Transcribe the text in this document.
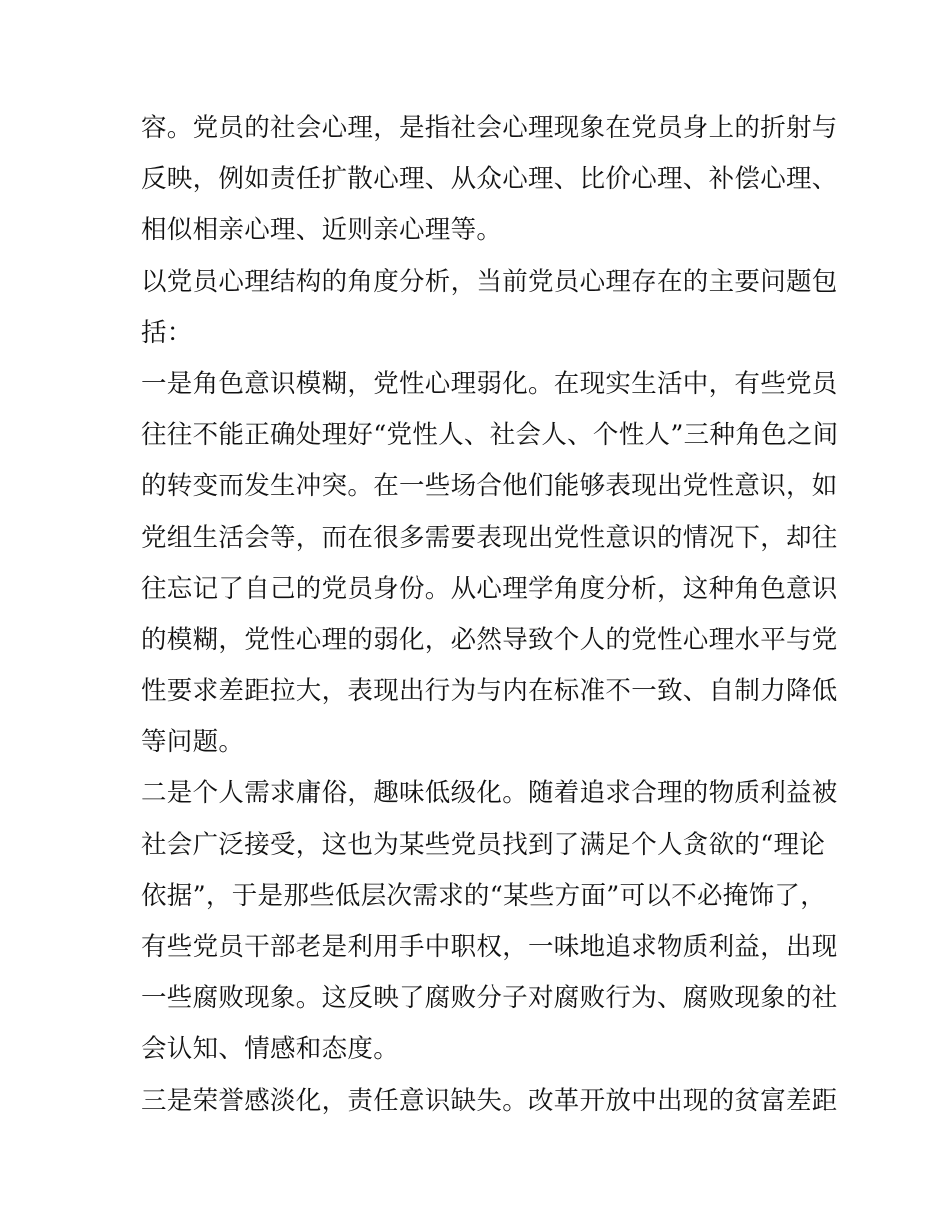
容。党员的社会心理，是指社会心理现象在党员身上的折射与
反映，例如责任扩散心理、从众心理、比价心理、补偿心理、
相似相亲心理、近则亲心理等。
以党员心理结构的角度分析，当前党员心理存在的主要问题包
括：
一是角色意识模糊，党性心理弱化。在现实生活中，有些党员
往往不能正确处理好“党性人、社会人、个性人”三种角色之间
的转变而发生冲突。在一些场合他们能够表现出党性意识，如
党组生活会等，而在很多需要表现出党性意识的情况下，却往
往忘记了自己的党员身份。从心理学角度分析，这种角色意识
的模糊，党性心理的弱化，必然导致个人的党性心理水平与党
性要求差距拉大，表现出行为与内在标准不一致、自制力降低
等问题。
二是个人需求庸俗，趣味低级化。随着追求合理的物质利益被
社会广泛接受，这也为某些党员找到了满足个人贪欲的“理论
依据”，于是那些低层次需求的“某些方面”可以不必掩饰了，
有些党员干部老是利用手中职权，一味地追求物质利益，出现
一些腐败现象。这反映了腐败分子对腐败行为、腐败现象的社
会认知、情感和态度。
三是荣誉感淡化，责任意识缺失。改革开放中出现的贫富差距
